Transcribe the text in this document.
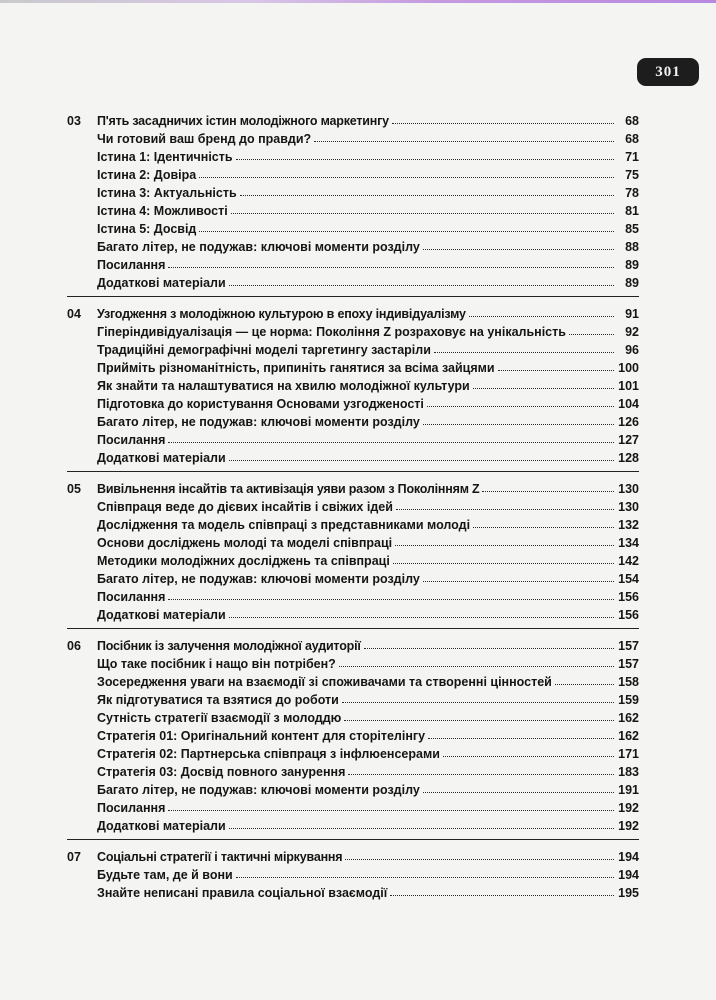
301
03 П'ять засадничих істин молодіжного маркетингу	68
Чи готовий ваш бренд до правди?	68
Істина 1: Ідентичність	71
Істина 2: Довіра	75
Істина 3: Актуальність	78
Істина 4: Можливості	81
Істина 5: Досвід	85
Багато літер, не подужав: ключові моменти розділу	88
Посилання	89
Додаткові матеріали	89
04 Узгодження з молодіжною культурою в епоху індивідуалізму	91
Гіперіндивідуалізація — це норма: Покоління Z розраховує на унікальність	92
Традиційні демографічні моделі таргетингу застаріли	96
Прийміть різноманітність, припиніть ганятися за всіма зайцями	100
Як знайти та налаштуватися на хвилю молодіжної культури	101
Підготовка до користування Основами узгодженості	104
Багато літер, не подужав: ключові моменти розділу	126
Посилання	127
Додаткові матеріали	128
05 Вивільнення інсайтів та активізація уяви разом з Поколінням Z	130
Співпраця веде до дієвих інсайтів і свіжих ідей	130
Дослідження та модель співпраці з представниками молоді	132
Основи досліджень молоді та моделі співпраці	134
Методики молодіжних досліджень та співпраці	142
Багато літер, не подужав: ключові моменти розділу	154
Посилання	156
Додаткові матеріали	156
06 Посібник із залучення молодіжної аудиторії	157
Що таке посібник і нащо він потрібен?	157
Зосередження уваги на взаємодії зі споживачами та створенні цінностей	158
Як підготуватися та взятися до роботи	159
Сутність стратегії взаємодії з молоддю	162
Стратегія 01: Оригінальний контент для сторітелінгу	162
Стратегія 02: Партнерська співпраця з інфлюенсерами	171
Стратегія 03: Досвід повного занурення	183
Багато літер, не подужав: ключові моменти розділу	191
Посилання	192
Додаткові матеріали	192
07 Соціальні стратегії і тактичні міркування	194
Будьте там, де й вони	194
Знайте неписані правила соціальної взаємодії	195
